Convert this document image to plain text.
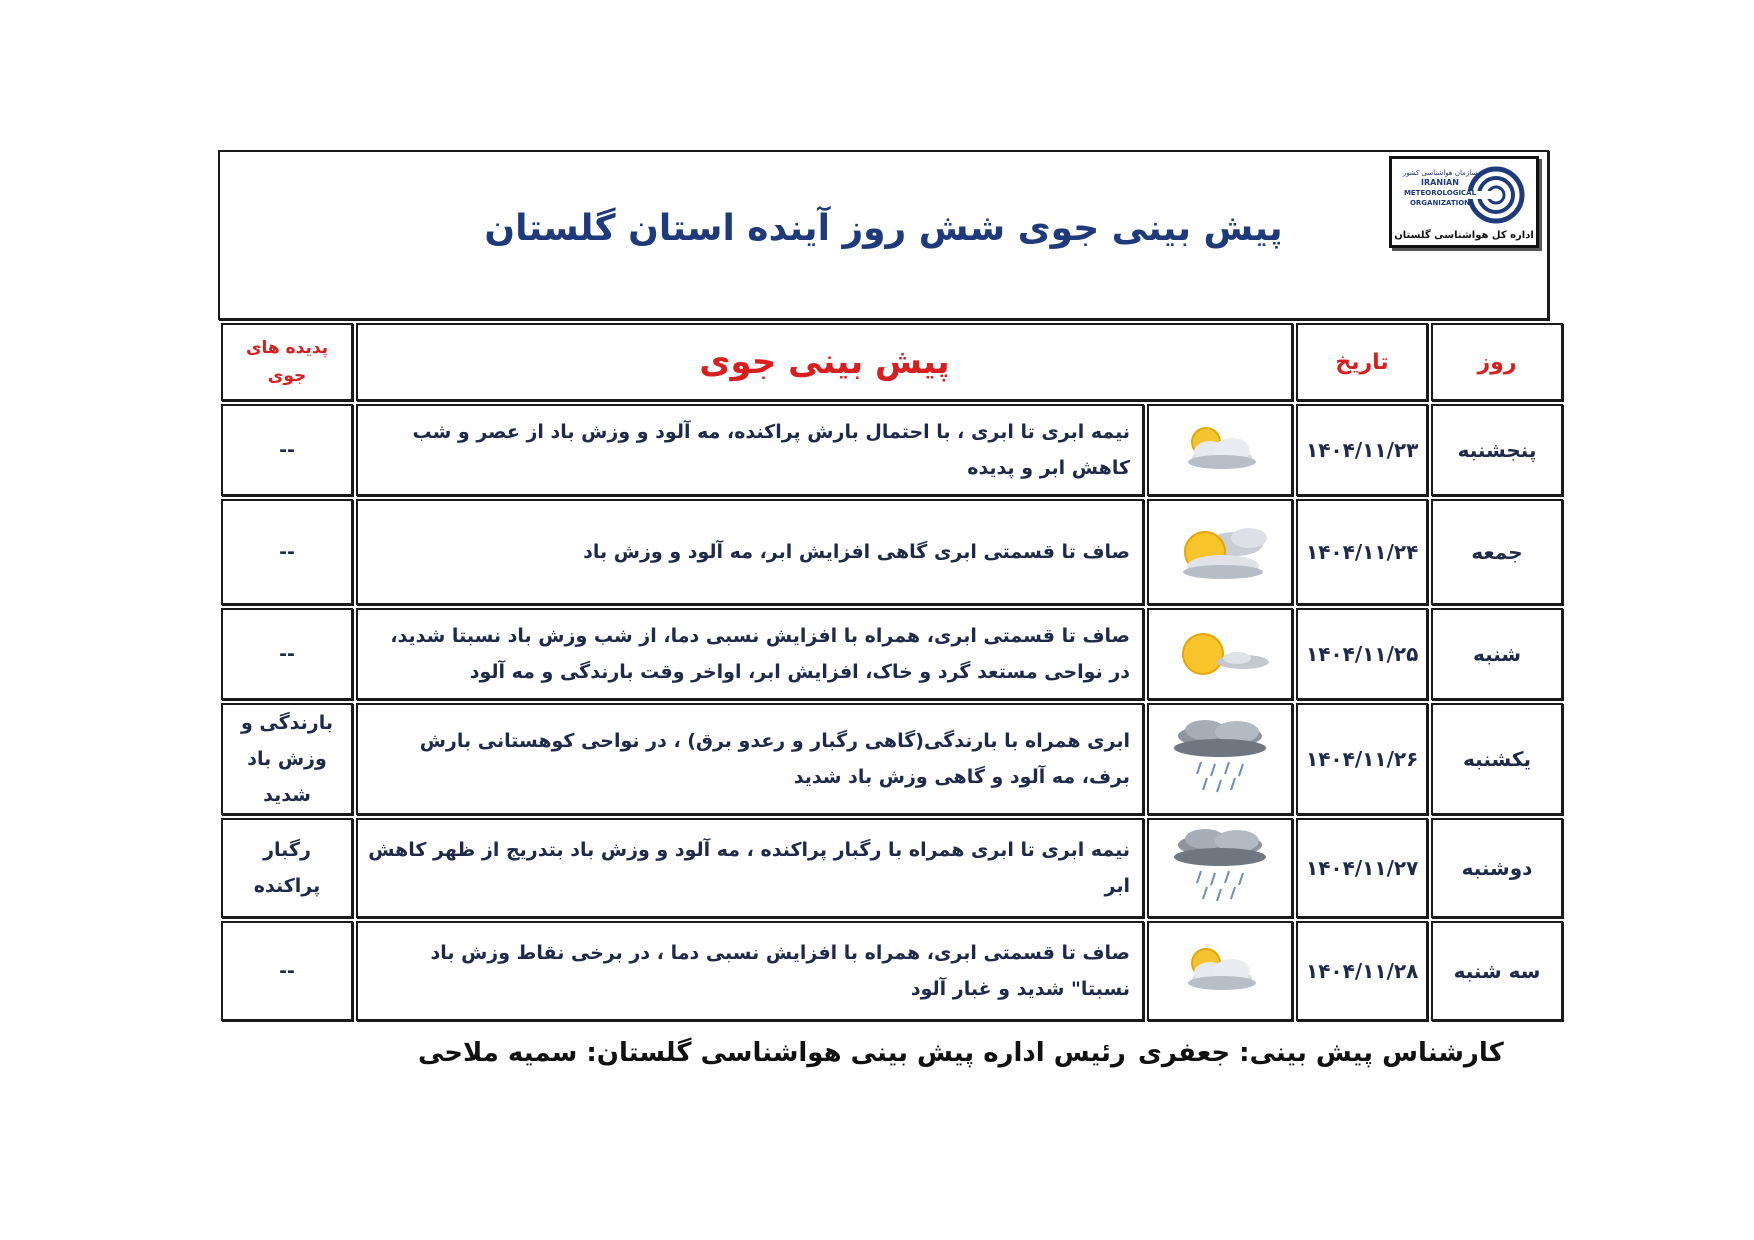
پیش بینی جوی شش روز آینده استان گلستان
سازمان هواشناسی کشور
IRANIAN
METEOROLOGICAL
ORGANIZATION
اداره کل هواشناسی گلستان
روز	تاریخ	پیش بینی جوی		پدیده های جوی
پنجشنبه	۱۴۰۴/۱۱/۲۳		نیمه ابری تا ابری ، با احتمال بارش پراکنده، مه آلود و وزش باد از عصر و شب کاهش ابر و پدیده	--
جمعه	۱۴۰۴/۱۱/۲۴		صاف تا قسمتی ابری گاهی افزایش ابر، مه آلود و وزش باد	--
شنبه	۱۴۰۴/۱۱/۲۵		صاف تا قسمتی ابری، همراه با افزایش نسبی دما، از شب وزش باد نسبتا شدید، در نواحی مستعد گرد و خاک، افزایش ابر، اواخر وقت بارندگی و مه آلود	--
یکشنبه	۱۴۰۴/۱۱/۲۶		ابری همراه با بارندگی(گاهی رگبار و رعدو برق) ، در نواحی کوهستانی بارش برف، مه آلود و گاهی وزش باد شدید	بارندگی و وزش باد شدید
دوشنبه	۱۴۰۴/۱۱/۲۷		نیمه ابری تا ابری همراه با رگبار پراکنده ، مه آلود و وزش باد بتدریج از ظهر کاهش ابر	رگبار پراکنده
سه شنبه	۱۴۰۴/۱۱/۲۸		صاف تا قسمتی ابری، همراه با افزایش نسبی دما ، در برخی نقاط وزش باد نسبتا" شدید و غبار آلود	--
کارشناس پیش بینی: جعفری
رئیس اداره پیش بینی هواشناسی گلستان: سمیه ملاحی
